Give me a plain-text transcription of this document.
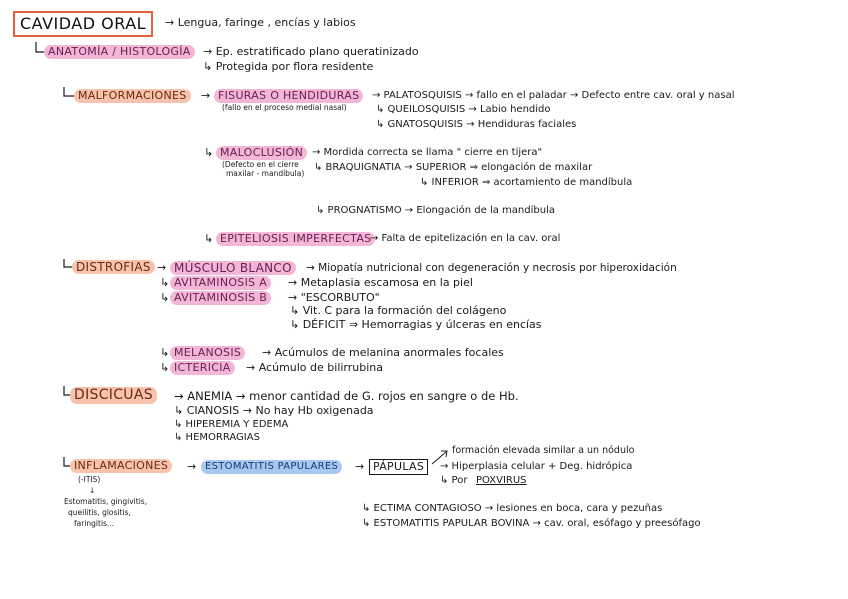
CAVIDAD ORAL	→ Lengua, faringe , encías y labios
ANATOMÍA / HISTOLOGÍA	→ Ep. estratificado plano queratinizado
↳ Protegida por flora residente
MALFORMACIONES	→ FISURAS O HENDIDURAS
(fallo en el proceso medial nasal)
→ PALATOSQUISIS → fallo en el paladar → Defecto entre cav. oral y nasal
↳ QUEILOSQUISIS → Labio hendido
↳ GNATOSQUISIS → Hendiduras faciales
↳ MALOCLUSIÓN
(Defecto en el cierre
maxilar - mandíbula)
→ Mordida correcta se llama " cierre en tijera"
↳ BRAQUIGNATIA → SUPERIOR ⇒ elongación de maxilar
↳ INFERIOR ⇒ acortamiento de mandíbula
↳ PROGNATISMO → Elongación de la mandíbula
↳ EPITELIOSIS IMPERFECTAS
→ Falta de epitelización en la cav. oral
DISTROFIAS → MÚSCULO BLANCO	→ Miopatía nutricional con degeneración y necrosis por hiperoxidación
↳ AVITAMINOSIS A	→ Metaplasia escamosa en la piel
↳ AVITAMINOSIS B	→ "ESCORBUTO"
↳ Vit. C para la formación del colágeno
↳ DÉFICIT ⇒ Hemorragias y úlceras en encías
↳ MELANOSIS	→ Acúmulos de melanina anormales focales
↳ ICTERICIA	→ Acúmulo de bilirrubina
DISCICUAS	→ ANEMIA → menor cantidad de G. rojos en sangre o de Hb.
↳ CIANOSIS → No hay Hb oxigenada
↳ HIPEREMIA Y EDEMA
↳ HEMORRAGIAS
INFLAMACIONES
(-ITIS)
↓
Estomatitis, gingivitis,
queilitis, glositis,
faringitis...
→ ESTOMATITIS PAPULARES	→ PÁPULAS
formación elevada similar a un nódulo
→ Hiperplasia celular + Deg. hidrópica
↳ Por POXVIRUS
↳ ECTIMA CONTAGIOSO → lesiones en boca, cara y pezuñas
↳ ESTOMATITIS PAPULAR BOVINA → cav. oral, esófago y preesófago
